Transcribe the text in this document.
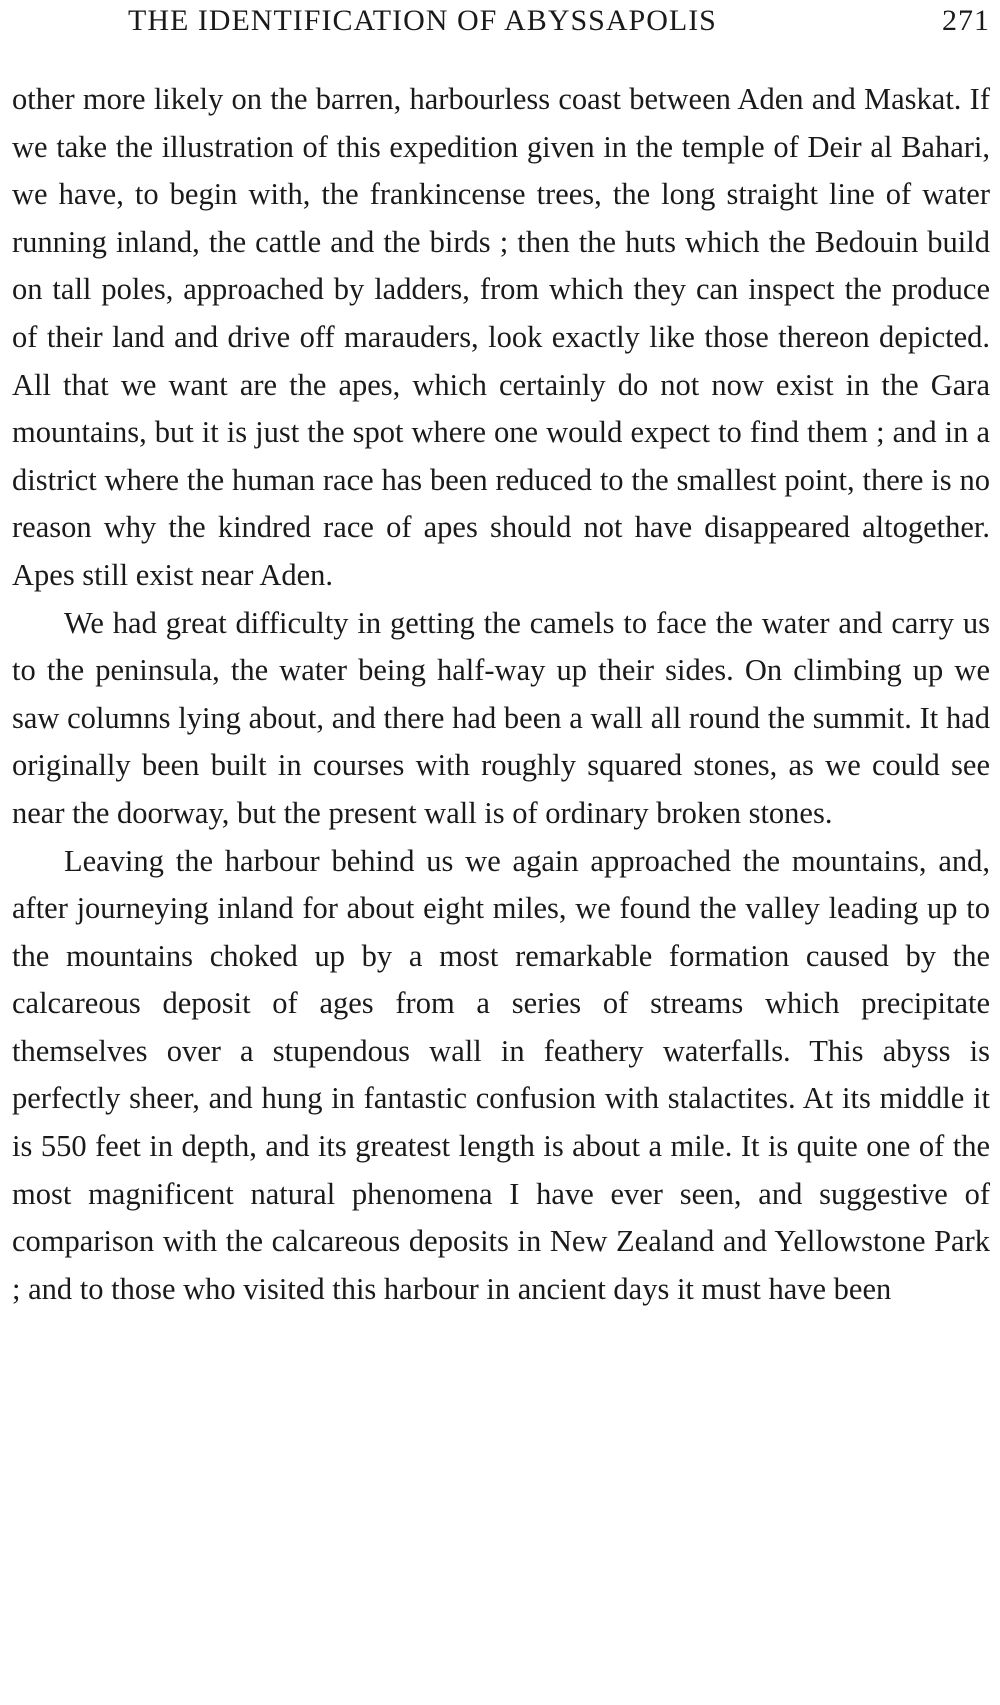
THE IDENTIFICATION OF ABYSSAPOLIS	271

other more likely on the barren, harbourless coast between Aden and Maskat. If we take the illustration of this expedition given in the temple of Deir al Bahari, we have, to begin with, the frankincense trees, the long straight line of water running inland, the cattle and the birds ; then the huts which the Bedouin build on tall poles, approached by ladders, from which they can inspect the produce of their land and drive off marauders, look exactly like those thereon depicted. All that we want are the apes, which certainly do not now exist in the Gara mountains, but it is just the spot where one would expect to find them ; and in a district where the human race has been reduced to the smallest point, there is no reason why the kindred race of apes should not have disappeared altogether. Apes still exist near Aden.

We had great difficulty in getting the camels to face the water and carry us to the peninsula, the water being half-way up their sides. On climbing up we saw columns lying about, and there had been a wall all round the summit. It had originally been built in courses with roughly squared stones, as we could see near the doorway, but the present wall is of ordinary broken stones.

Leaving the harbour behind us we again approached the mountains, and, after journeying inland for about eight miles, we found the valley leading up to the mountains choked up by a most remarkable formation caused by the calcareous deposit of ages from a series of streams which precipitate themselves over a stupendous wall in feathery waterfalls. This abyss is perfectly sheer, and hung in fantastic confusion with stalactites. At its middle it is 550 feet in depth, and its greatest length is about a mile. It is quite one of the most magnificent natural phenomena I have ever seen, and suggestive of comparison with the calcareous deposits in New Zealand and Yellowstone Park ; and to those who visited this harbour in ancient days it must have been
